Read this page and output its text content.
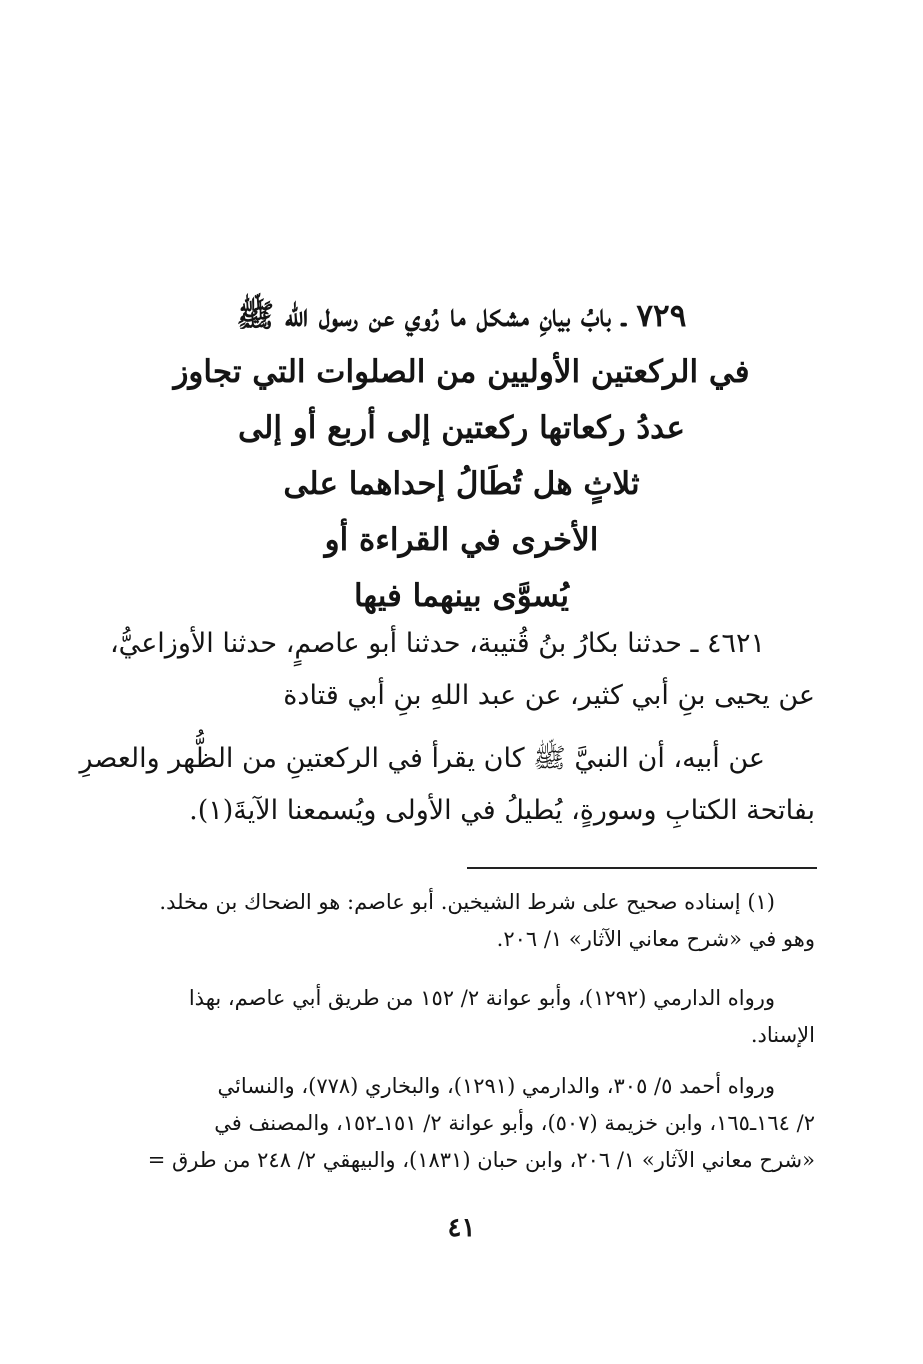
٧٢٩ ـ بابُ بيانِ مشكل ما رُوي عن رسول الله ﷺ
في الركعتين الأوليين من الصلوات التي تجاوز
عددُ ركعاتها ركعتين إلى أربع أو إلى
ثلاثٍ هل تُطَالُ إحداهما على
الأخرى في القراءة أو
يُسوَّى بينهما فيها
٤٦٢١ ـ حدثنا بكارُ بنُ قُتيبة، حدثنا أبو عاصمٍ، حدثنا الأوزاعيُّ،
عن يحيى بنِ أبي كثير، عن عبد اللهِ بنِ أبي قتادة
عن أبيه، أن النبيَّ ﷺ كان يقرأ في الركعتينِ من الظُّهر والعصرِ
بفاتحة الكتابِ وسورةٍ، يُطيلُ في الأولى ويُسمعنا الآيةَ(١).
(١) إسناده صحيح على شرط الشيخين. أبو عاصم: هو الضحاك بن مخلد.
وهو في «شرح معاني الآثار» ١/ ٢٠٦.
ورواه الدارمي (١٢٩٢)، وأبو عوانة ٢/ ١٥٢ من طريق أبي عاصم، بهذا
الإسناد.
ورواه أحمد ٥/ ٣٠٥، والدارمي (١٢٩١)، والبخاري (٧٧٨)، والنسائي
٢/ ١٦٤ـ١٦٥، وابن خزيمة (٥٠٧)، وأبو عوانة ٢/ ١٥١ـ١٥٢، والمصنف في
«شرح معاني الآثار» ١/ ٢٠٦، وابن حبان (١٨٣١)، والبيهقي ٢/ ٢٤٨ من طرق =
٤١
